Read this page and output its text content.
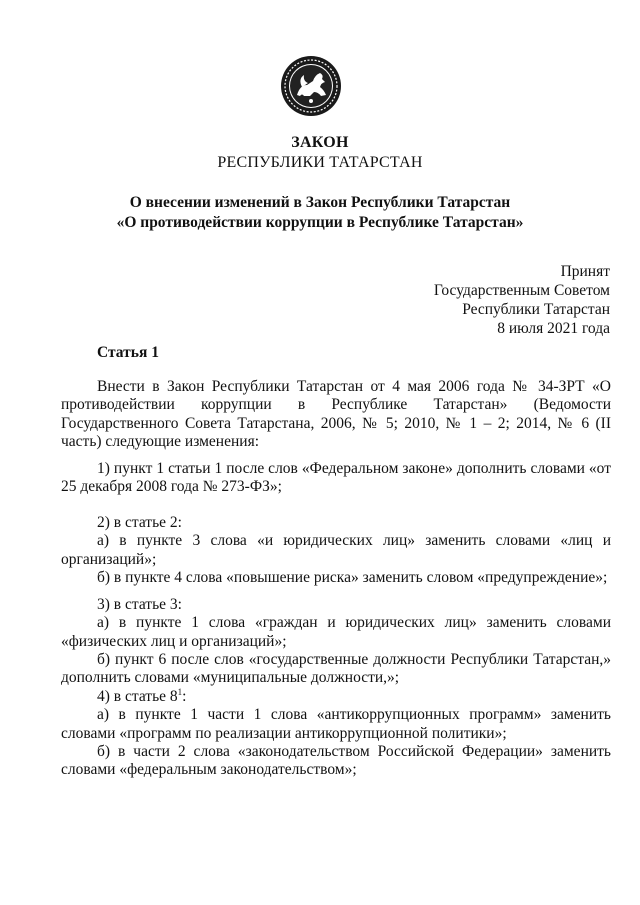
ЗАКОН
РЕСПУБЛИКИ ТАТАРСТАН
О внесении изменений в Закон Республики Татарстан
«О противодействии коррупции в Республике Татарстан»
Принят
Государственным Советом
Республики Татарстан
8 июля 2021 года
Статья 1

Внести в Закон Республики Татарстан от 4 мая 2006 года № 34-ЗРТ «О противодействии коррупции в Республике Татарстан» (Ведомости Государственного Совета Татарстана, 2006, № 5; 2010, № 1 – 2; 2014, № 6 (II часть) следующие изменения:

1) пункт 1 статьи 1 после слов «Федеральном законе» дополнить словами «от 25 декабря 2008 года № 273-ФЗ»;

2) в статье 2:

а) в пункте 3 слова «и юридических лиц» заменить словами «лиц и организаций»;

б) в пункте 4 слова «повышение риска» заменить словом «предупреждение»;

3) в статье 3:

а) в пункте 1 слова «граждан и юридических лиц» заменить словами «физических лиц и организаций»;

б) пункт 6 после слов «государственные должности Республики Татарстан,» дополнить словами «муниципальные должности,»;

4) в статье $8^1$:

а) в пункте 1 части 1 слова «антикоррупционных программ» заменить словами «программ по реализации антикоррупционной политики»;

б) в части 2 слова «законодательством Российской Федерации» заменить словами «федеральным законодательством»;
